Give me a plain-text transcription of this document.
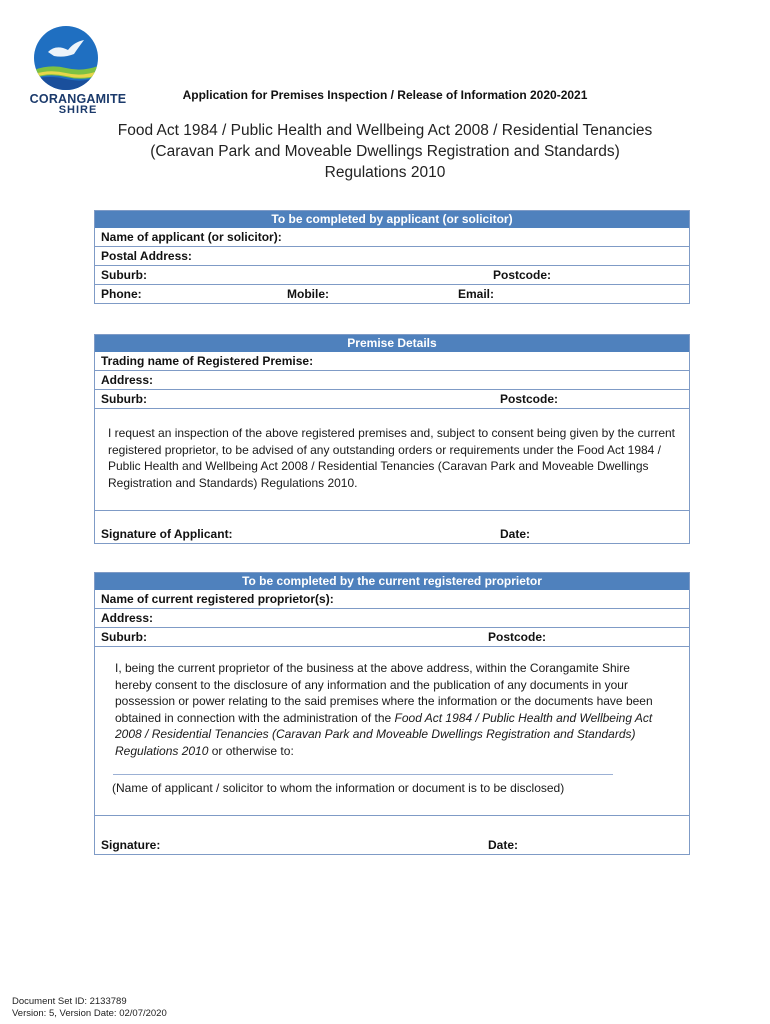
CORANGAMITE
SHIRE
Application for Premises Inspection / Release of Information 2020-2021
Food Act 1984 / Public Health and Wellbeing Act 2008 / Residential Tenancies
(Caravan Park and Moveable Dwellings Registration and Standards)
Regulations 2010
To be completed by applicant (or solicitor)
Name of applicant (or solicitor):
Postal Address:
Suburb:	Postcode:
Phone:	Mobile:	Email:
Premise Details
Trading name of Registered Premise:
Address:
Suburb:	Postcode:
I request an inspection of the above registered premises and, subject to consent being given by the current registered proprietor, to be advised of any outstanding orders or requirements under the Food Act 1984 / Public Health and Wellbeing Act 2008 / Residential Tenancies (Caravan Park and Moveable Dwellings Registration and Standards) Regulations 2010.
Signature of Applicant:	Date:
To be completed by the current registered proprietor
Name of current registered proprietor(s):
Address:
Suburb:	Postcode:
I, being the current proprietor of the business at the above address, within the Corangamite Shire hereby consent to the disclosure of any information and the publication of any documents in your possession or power relating to the said premises where the information or the documents have been obtained in connection with the administration of the Food Act 1984 / Public Health and Wellbeing Act 2008 / Residential Tenancies (Caravan Park and Moveable Dwellings Registration and Standards) Regulations 2010 or otherwise to:
(Name of applicant / solicitor to whom the information or document is to be disclosed)
Signature:	Date:
Document Set ID: 2133789
Version: 5, Version Date: 02/07/2020
